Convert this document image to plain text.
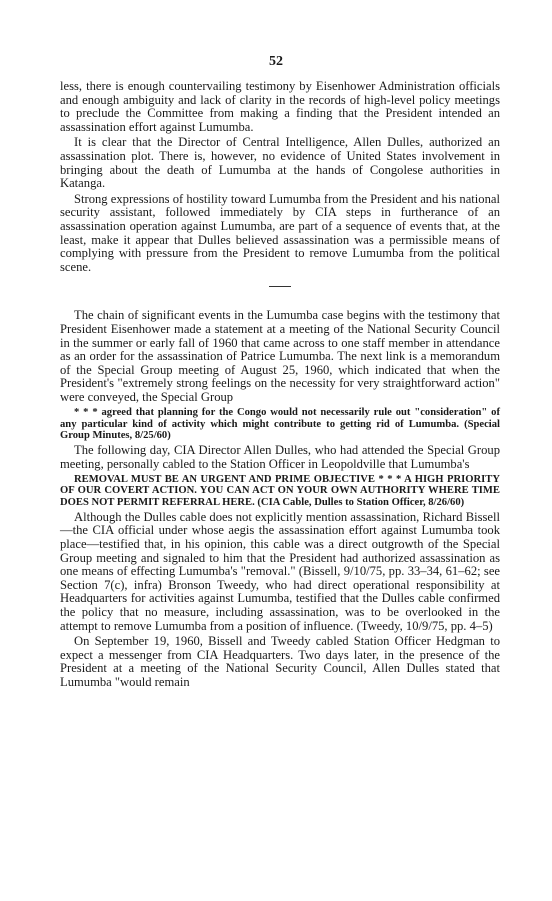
52

less, there is enough countervailing testimony by Eisenhower Administration officials and enough ambiguity and lack of clarity in the records of high-level policy meetings to preclude the Committee from making a finding that the President intended an assassination effort against Lumumba.

It is clear that the Director of Central Intelligence, Allen Dulles, authorized an assassination plot. There is, however, no evidence of United States involvement in bringing about the death of Lumumba at the hands of Congolese authorities in Katanga.

Strong expressions of hostility toward Lumumba from the President and his national security assistant, followed immediately by CIA steps in furtherance of an assassination operation against Lumumba, are part of a sequence of events that, at the least, make it appear that Dulles believed assassination was a permissible means of complying with pressure from the President to remove Lumumba from the political scene.

The chain of significant events in the Lumumba case begins with the testimony that President Eisenhower made a statement at a meeting of the National Security Council in the summer or early fall of 1960 that came across to one staff member in attendance as an order for the assassination of Patrice Lumumba. The next link is a memorandum of the Special Group meeting of August 25, 1960, which indicated that when the President's "extremely strong feelings on the necessity for very straightforward action" were conveyed, the Special Group

* * * agreed that planning for the Congo would not necessarily rule out "consideration" of any particular kind of activity which might contribute to getting rid of Lumumba. (Special Group Minutes, 8/25/60)

The following day, CIA Director Allen Dulles, who had attended the Special Group meeting, personally cabled to the Station Officer in Leopoldville that Lumumba's

REMOVAL MUST BE AN URGENT AND PRIME OBJECTIVE * * * A HIGH PRIORITY OF OUR COVERT ACTION. YOU CAN ACT ON YOUR OWN AUTHORITY WHERE TIME DOES NOT PERMIT REFERRAL HERE. (CIA Cable, Dulles to Station Officer, 8/26/60)

Although the Dulles cable does not explicitly mention assassination, Richard Bissell—the CIA official under whose aegis the assassination effort against Lumumba took place—testified that, in his opinion, this cable was a direct outgrowth of the Special Group meeting and signaled to him that the President had authorized assassination as one means of effecting Lumumba's "removal." (Bissell, 9/10/75, pp. 33–34, 61–62; see Section 7(c), infra) Bronson Tweedy, who had direct operational responsibility at Headquarters for activities against Lumumba, testified that the Dulles cable confirmed the policy that no measure, including assassination, was to be overlooked in the attempt to remove Lumumba from a position of influence. (Tweedy, 10/9/75, pp. 4–5)

On September 19, 1960, Bissell and Tweedy cabled Station Officer Hedgman to expect a messenger from CIA Headquarters. Two days later, in the presence of the President at a meeting of the National Security Council, Allen Dulles stated that Lumumba "would remain
